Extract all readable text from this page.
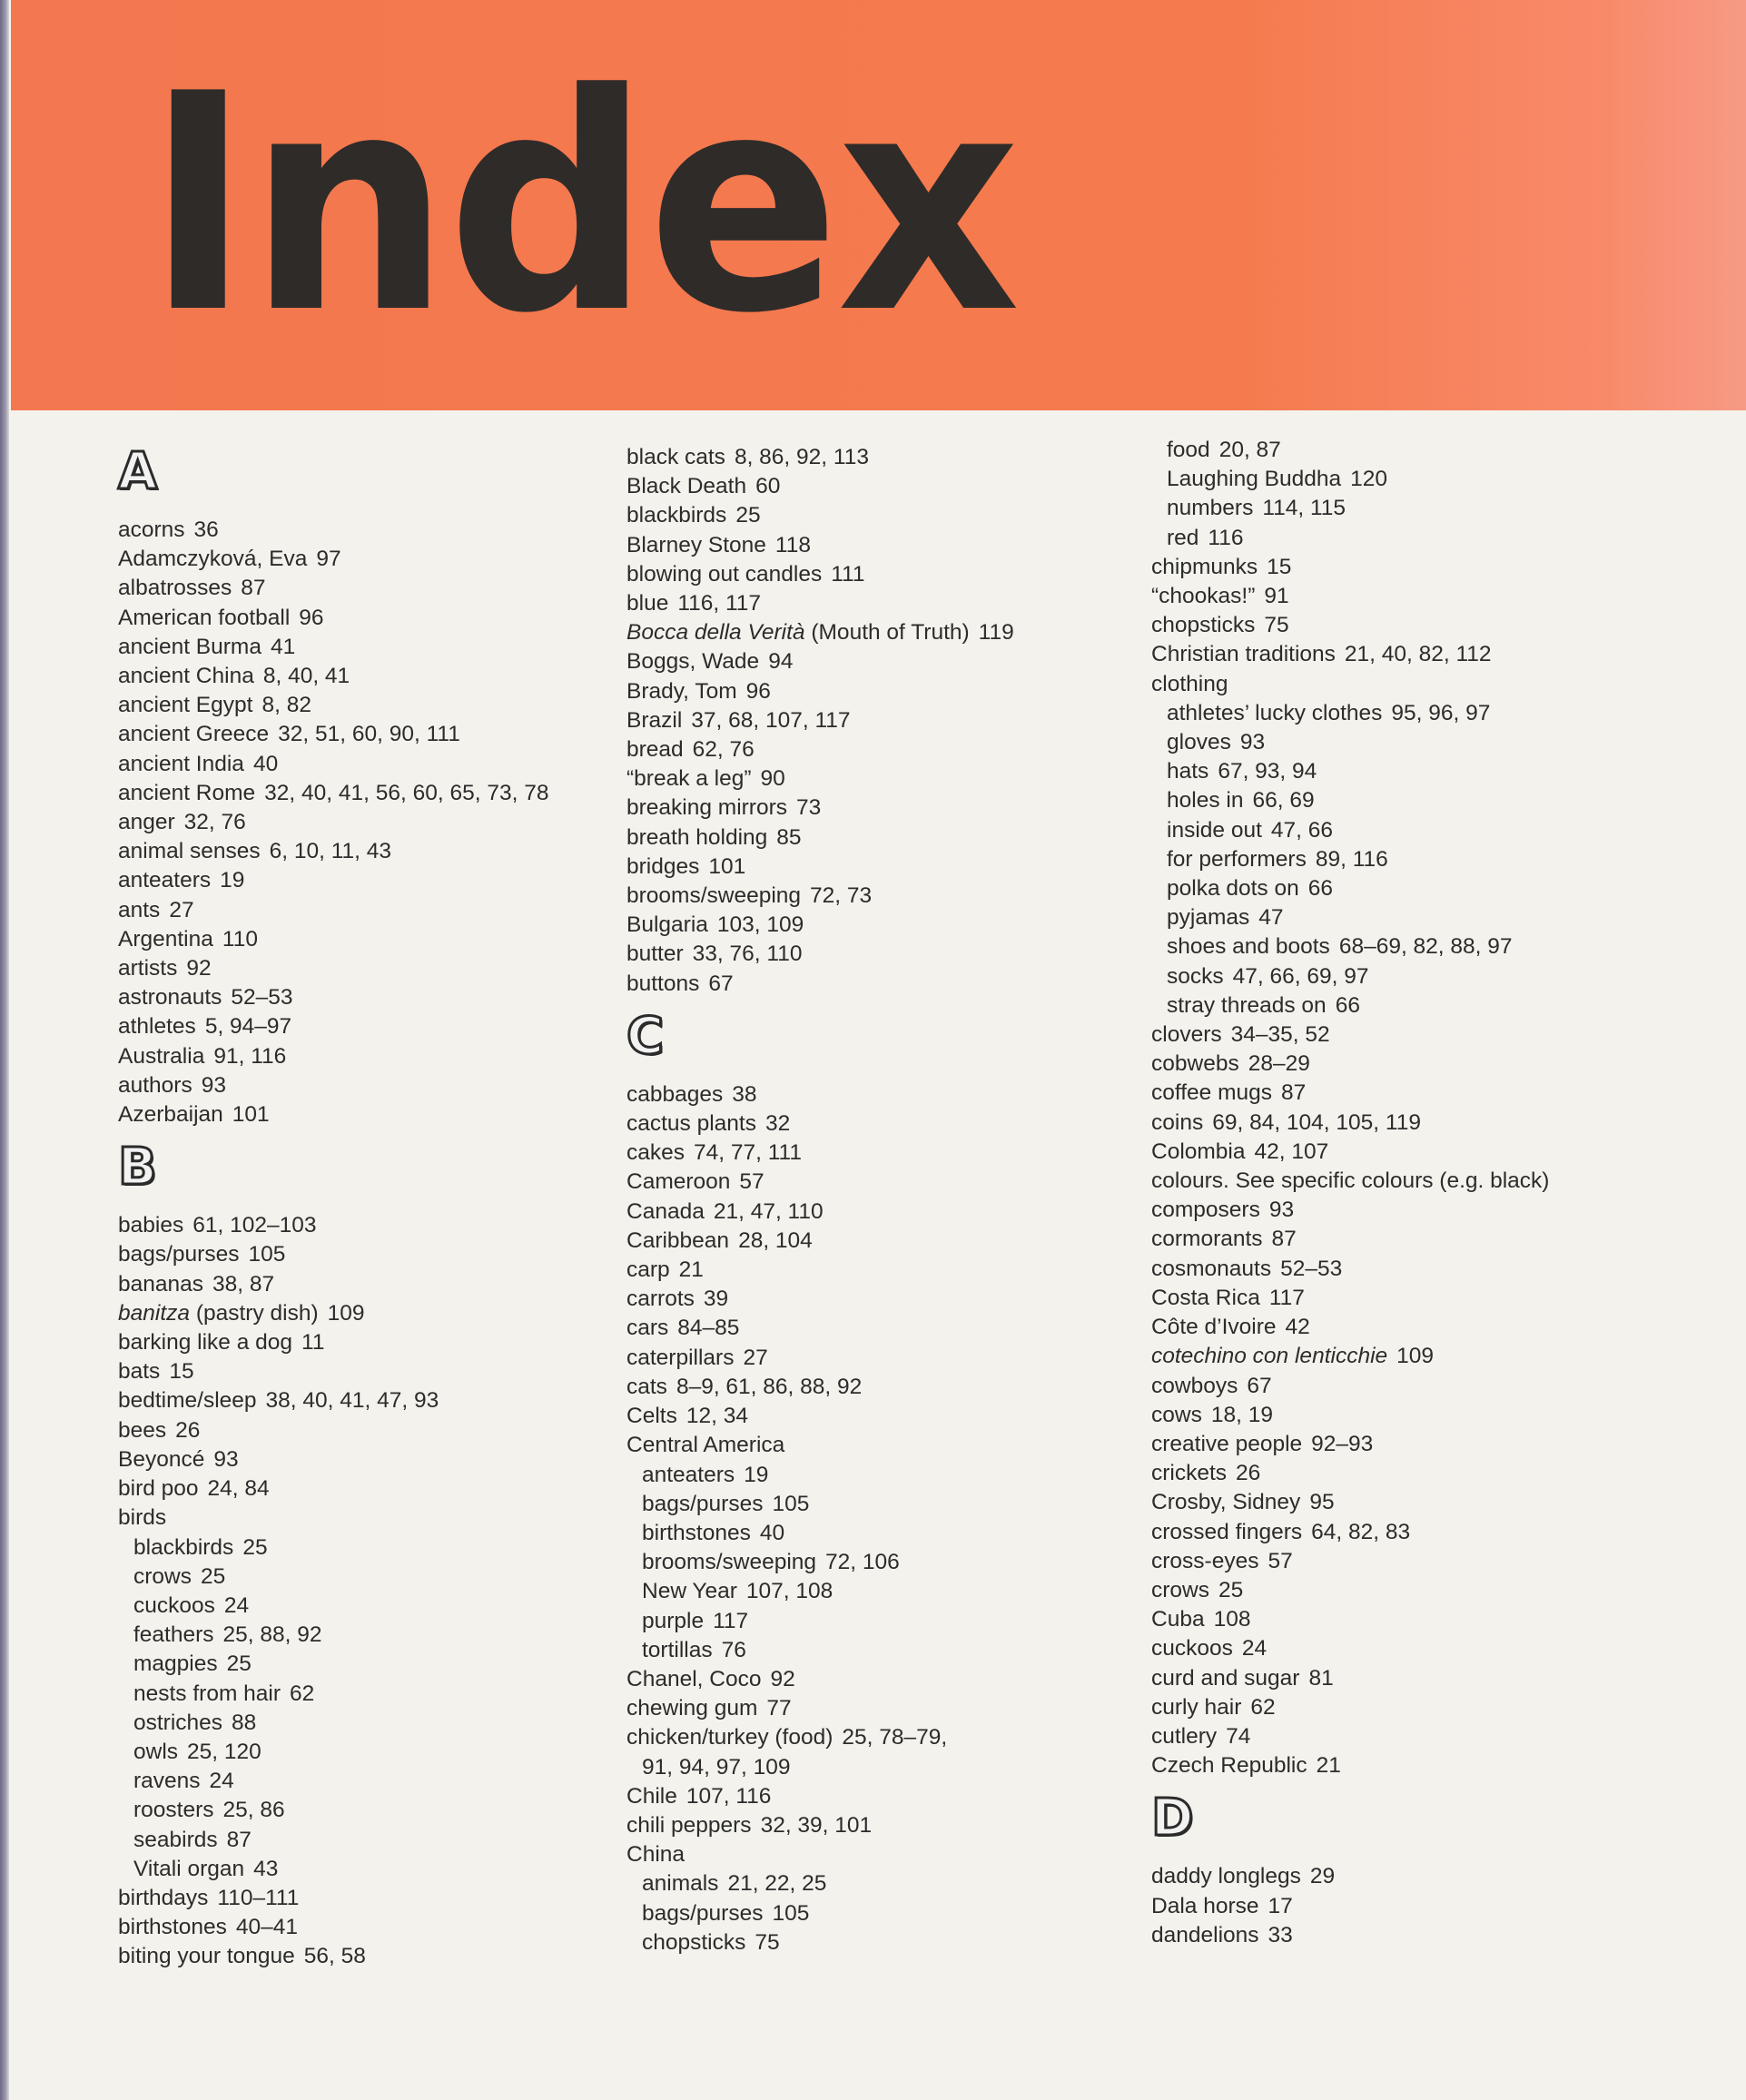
Index
A
acorns 36
Adamczyková, Eva 97
albatrosses 87
American football 96
ancient Burma 41
ancient China 8, 40, 41
ancient Egypt 8, 82
ancient Greece 32, 51, 60, 90, 111
ancient India 40
ancient Rome 32, 40, 41, 56, 60, 65, 73, 78
anger 32, 76
animal senses 6, 10, 11, 43
anteaters 19
ants 27
Argentina 110
artists 92
astronauts 52–53
athletes 5, 94–97
Australia 91, 116
authors 93
Azerbaijan 101
B
babies 61, 102–103
bags/purses 105
bananas 38, 87
banitza (pastry dish) 109
barking like a dog 11
bats 15
bedtime/sleep 38, 40, 41, 47, 93
bees 26
Beyoncé 93
bird poo 24, 84
birds
blackbirds 25
crows 25
cuckoos 24
feathers 25, 88, 92
magpies 25
nests from hair 62
ostriches 88
owls 25, 120
ravens 24
roosters 25, 86
seabirds 87
Vitali organ 43
birthdays 110–111
birthstones 40–41
biting your tongue 56, 58
black cats 8, 86, 92, 113
Black Death 60
blackbirds 25
Blarney Stone 118
blowing out candles 111
blue 116, 117
Bocca della Verità (Mouth of Truth) 119
Boggs, Wade 94
Brady, Tom 96
Brazil 37, 68, 107, 117
bread 62, 76
“break a leg” 90
breaking mirrors 73
breath holding 85
bridges 101
brooms/sweeping 72, 73
Bulgaria 103, 109
butter 33, 76, 110
buttons 67
C
cabbages 38
cactus plants 32
cakes 74, 77, 111
Cameroon 57
Canada 21, 47, 110
Caribbean 28, 104
carp 21
carrots 39
cars 84–85
caterpillars 27
cats 8–9, 61, 86, 88, 92
Celts 12, 34
Central America
anteaters 19
bags/purses 105
birthstones 40
brooms/sweeping 72, 106
New Year 107, 108
purple 117
tortillas 76
Chanel, Coco 92
chewing gum 77
chicken/turkey (food) 25, 78–79,
91, 94, 97, 109
Chile 107, 116
chili peppers 32, 39, 101
China
animals 21, 22, 25
bags/purses 105
chopsticks 75
food 20, 87
Laughing Buddha 120
numbers 114, 115
red 116
chipmunks 15
“chookas!” 91
chopsticks 75
Christian traditions 21, 40, 82, 112
clothing
athletes’ lucky clothes 95, 96, 97
gloves 93
hats 67, 93, 94
holes in 66, 69
inside out 47, 66
for performers 89, 116
polka dots on 66
pyjamas 47
shoes and boots 68–69, 82, 88, 97
socks 47, 66, 69, 97
stray threads on 66
clovers 34–35, 52
cobwebs 28–29
coffee mugs 87
coins 69, 84, 104, 105, 119
Colombia 42, 107
colours. See specific colours (e.g. black)
composers 93
cormorants 87
cosmonauts 52–53
Costa Rica 117
Côte d’Ivoire 42
cotechino con lenticchie 109
cowboys 67
cows 18, 19
creative people 92–93
crickets 26
Crosby, Sidney 95
crossed fingers 64, 82, 83
cross-eyes 57
crows 25
Cuba 108
cuckoos 24
curd and sugar 81
curly hair 62
cutlery 74
Czech Republic 21
D
daddy longlegs 29
Dala horse 17
dandelions 33
